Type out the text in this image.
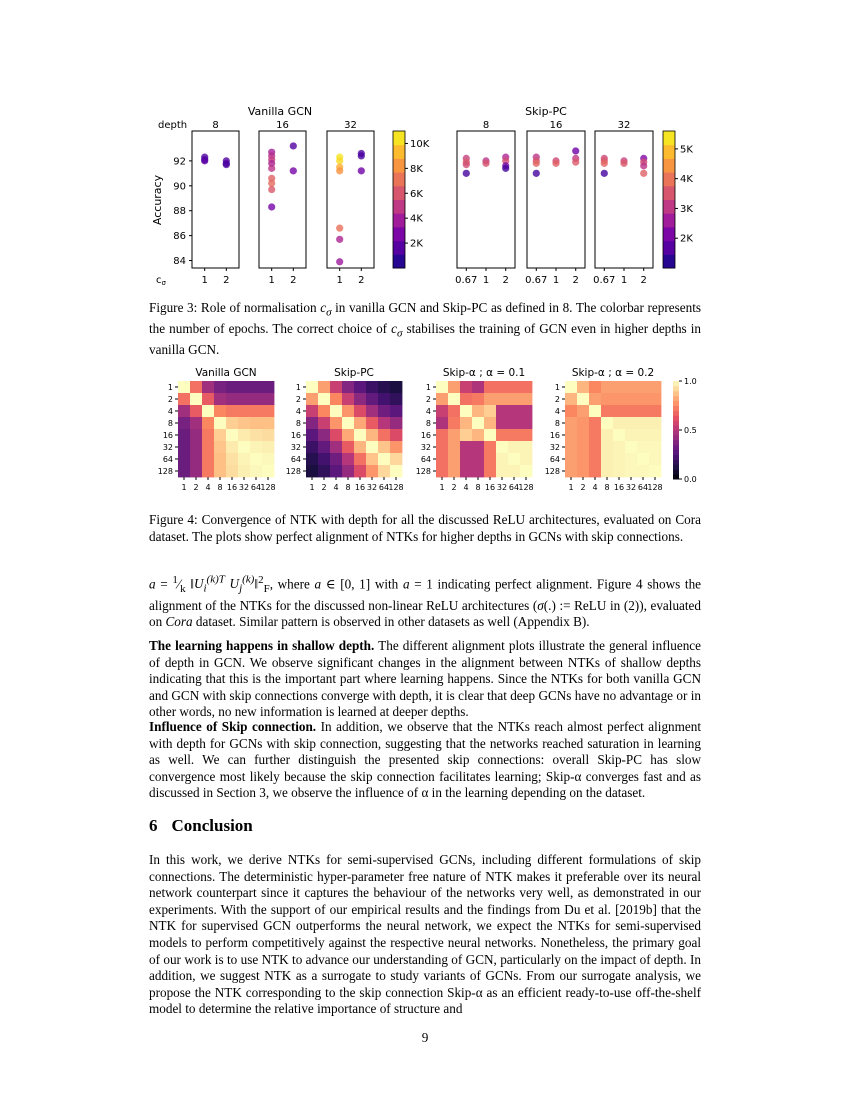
Vanilla GCN
8
1 2
16
1 2
32
1 2
2K
4K
6K
8K
10K
Skip-PC
8
0.67 1 2
16
0.67 1 2
32
0.67 1 2
2K
3K
4K
5K
84
86
88
90
92
depth
Accuracy
$c_\sigma$

Figure 3: Role of normalisation $c_\sigma$ in vanilla GCN and Skip-PC as defined in 8. The colorbar represents the number of epochs. The correct choice of $c_\sigma$ stabilises the training of GCN even in higher depths in vanilla GCN.

Vanilla GCN
1
1
2
2
4
4
8
8
16
16
32
32
64
64
128
128
Skip-PC
1
1
2
2
4
4
8
8
16
16
32
32
64
64
128
128
Skip-α ; α = 0.1
1
1
2
2
4
4
8
8
16
16
32
32
64
64
128
128
Skip-α ; α = 0.2
1
1
2
2
4
4
8
8
16
16
32
32
64
64
128
128
0.0
0.5
1.0

Figure 4: Convergence of NTK with depth for all the discussed ReLU architectures, evaluated on Cora dataset. The plots show perfect alignment of NTKs for higher depths in GCNs with skip connections.

$a = ^1⁄_k$ $‖U_i^{(k)T}$ $U_j^{(k)}‖^2_F$, where a ∈ [0, 1] with a = 1 indicating perfect alignment. Figure 4 shows the alignment of the NTKs for the discussed non-linear ReLU architectures (σ(.) := ReLU in (2)), evaluated on Cora dataset. Similar pattern is observed in other datasets as well (Appendix B).

The learning happens in shallow depth. The different alignment plots illustrate the general influence of depth in GCN. We observe significant changes in the alignment between NTKs of shallow depths indicating that this is the important part where learning happens. Since the NTKs for both vanilla GCN and GCN with skip connections converge with depth, it is clear that deep GCNs have no advantage or in other words, no new information is learned at deeper depths.

Influence of Skip connection. In addition, we observe that the NTKs reach almost perfect alignment with depth for GCNs with skip connection, suggesting that the networks reached saturation in learning as well. We can further distinguish the presented skip connections: overall Skip-PC has slow convergence most likely because the skip connection facilitates learning; Skip-α converges fast and as discussed in Section 3, we observe the influence of α in the learning depending on the dataset.

6 Conclusion

In this work, we derive NTKs for semi-supervised GCNs, including different formulations of skip connections. The deterministic hyper-parameter free nature of NTK makes it preferable over its neural network counterpart since it captures the behaviour of the networks very well, as demonstrated in our experiments. With the support of our empirical results and the findings from Du et al. [2019b] that the NTK for supervised GCN outperforms the neural network, we expect the NTKs for semi-supervised models to perform competitively against the respective neural networks. Nonetheless, the primary goal of our work is to use NTK to advance our understanding of GCN, particularly on the impact of depth. In addition, we suggest NTK as a surrogate to study variants of GCNs. From our surrogate analysis, we propose the NTK corresponding to the skip connection Skip-α as an efficient ready-to-use off-the-shelf model to determine the relative importance of structure and

9
